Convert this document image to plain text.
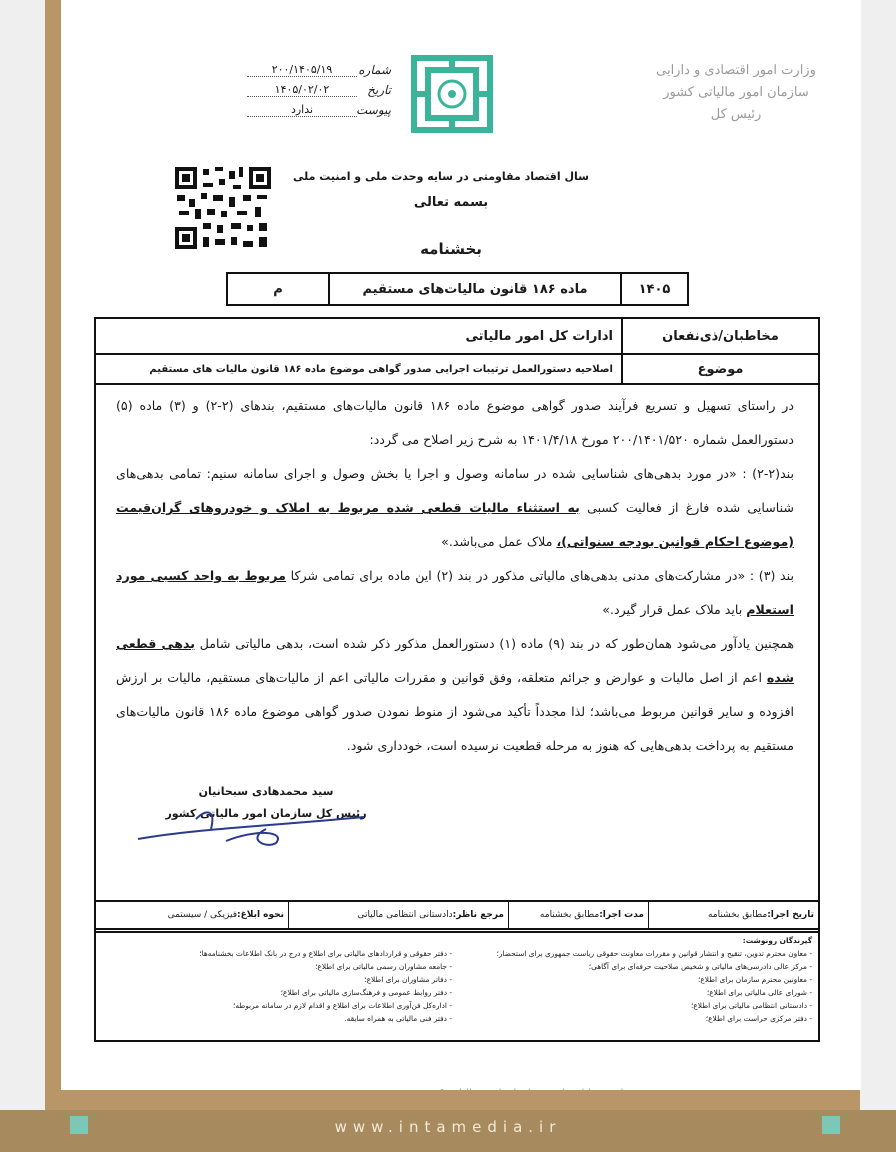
وزارت امور اقتصادی و دارایی
سازمان امور مالیاتی کشور
رئیس کل
شماره
۲۰۰/۱۴۰۵/۱۹
تاریخ
۱۴۰۵/۰۲/۰۲
پیوست
ندارد
سال اقتصاد مقاومتی در سایه وحدت ملی و امنیت ملی
بسمه تعالی
بخشنامه
۱۴۰۵
ماده ۱۸۶ قانون مالیات‌های مستقیم
م
مخاطبان/ذی‌نفعان
ادارات کل امور مالیاتی
موضوع
اصلاحیه دستورالعمل ترتیبات اجرایی صدور گواهی موضوع ماده ۱۸۶ قانون مالیات های مستقیم

در راستای تسهیل و تسریع فرآیند صدور گواهی موضوع ماده ۱۸۶ قانون مالیات‌های مستقیم، بندهای (۲-۲) و (۳) ماده (۵) دستورالعمل شماره ۲۰۰/۱۴۰۱/۵۲۰ مورخ ۱۴۰۱/۴/۱۸ به شرح زیر اصلاح می گردد:

بند(۲-۲) : «در مورد بدهی‌های شناسایی شده در سامانه وصول و اجرا یا بخش وصول و اجرای سامانه سنیم: تمامی بدهی‌های شناسایی شده فارغ از فعالیت کسبی به استثناء مالیات قطعی شده مربوط به املاک و خودروهای گران‌قیمت (موضوع احکام قوانین بودجه سنواتی)، ملاک عمل می‌باشد.»

بند (۳) : «در مشارکت‌های مدنی بدهی‌های مالیاتی مذکور در بند (۲) این ماده برای تمامی شرکا مربوط به واحد کسبی مورد استعلام باید ملاک عمل قرار گیرد.»

همچنین یادآور می‌شود همان‌طور که در بند (۹) ماده (۱) دستورالعمل مذکور ذکر شده است، بدهی مالیاتی شامل بدهی قطعی شده اعم از اصل مالیات و عوارض و جرائم متعلقه، وفق قوانین و مقررات مالیاتی اعم از مالیات‌های مستقیم، مالیات بر ارزش افزوده و سایر قوانین مربوط می‌باشد؛ لذا مجدداً تأکید می‌شود از منوط نمودن صدور گواهی موضوع ماده ۱۸۶ قانون مالیات‌های مستقیم به پرداخت بدهی‌هایی که هنوز به مرحله قطعیت نرسیده است، خودداری شود.

سید محمدهادی سبحانیان
رئیس کل سازمان امور مالیاتی کشور
تاریخ اجرا:
مطابق بخشنامه
مدت اجرا:
مطابق بخشنامه
مرجع ناظر:
دادستانی انتظامی مالیاتی
نحوه ابلاغ:
فیزیکی / سیستمی
گیرندگان رونوشت:
- معاون محترم تدوین، تنقیح و انتشار قوانین و مقررات معاونت حقوقی ریاست جمهوری برای استحضار؛
- مرکز عالی دادرسی‌های مالیاتی و شخیص صلاحیت حرفه‌ای برای آگاهی؛
- معاونین محترم سازمان برای اطلاع؛
- شورای عالی مالیاتی برای اطلاع؛
- دادستانی انتظامی مالیاتی برای اطلاع؛
- دفتر مرکزی حراست برای اطلاع؛
- دفتر حقوقی و قراردادهای مالیاتی برای اطلاع و درج در بانک اطلاعات بخشنامه‌ها؛
- جامعه مشاوران رسمی مالیاتی برای اطلاع؛
- دفاتر مشاوران برای اطلاع؛
- دفتر روابط عمومی و فرهنگ‌سازی مالیاتی برای اطلاع؛
- اداره‌کل فن‌آوری اطلاعات برای اطلاع و اقدام لازم در سامانه مربوطه؛
- دفتر فنی مالیاتی به همراه سابقه.
www.intamedia.ir
